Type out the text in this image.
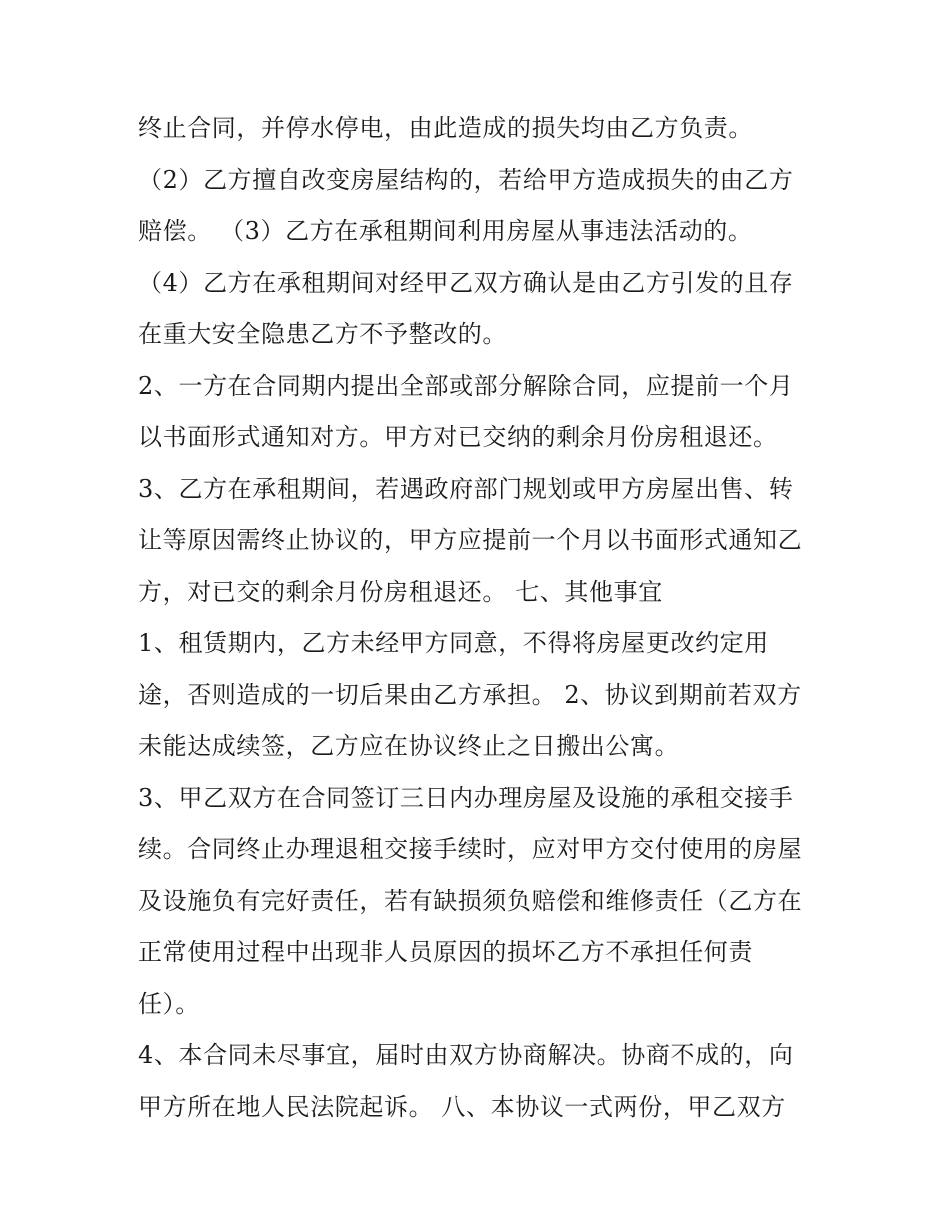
终止合同，并停水停电，由此造成的损失均由乙方负责。
（2）乙方擅自改变房屋结构的，若给甲方造成损失的由乙方
赔偿。 （3）乙方在承租期间利用房屋从事违法活动的。
（4）乙方在承租期间对经甲乙双方确认是由乙方引发的且存
在重大安全隐患乙方不予整改的。
2、一方在合同期内提出全部或部分解除合同，应提前一个月
以书面形式通知对方。甲方对已交纳的剩余月份房租退还。
3、乙方在承租期间，若遇政府部门规划或甲方房屋出售、转
让等原因需终止协议的，甲方应提前一个月以书面形式通知乙
方，对已交的剩余月份房租退还。 七、其他事宜
1、租赁期内，乙方未经甲方同意，不得将房屋更改约定用
途，否则造成的一切后果由乙方承担。 2、协议到期前若双方
未能达成续签，乙方应在协议终止之日搬出公寓。
3、甲乙双方在合同签订三日内办理房屋及设施的承租交接手
续。合同终止办理退租交接手续时，应对甲方交付使用的房屋
及设施负有完好责任，若有缺损须负赔偿和维修责任（乙方在
正常使用过程中出现非人员原因的损坏乙方不承担任何责
任）。
4、本合同未尽事宜，届时由双方协商解决。协商不成的，向
甲方所在地人民法院起诉。 八、本协议一式两份，甲乙双方
